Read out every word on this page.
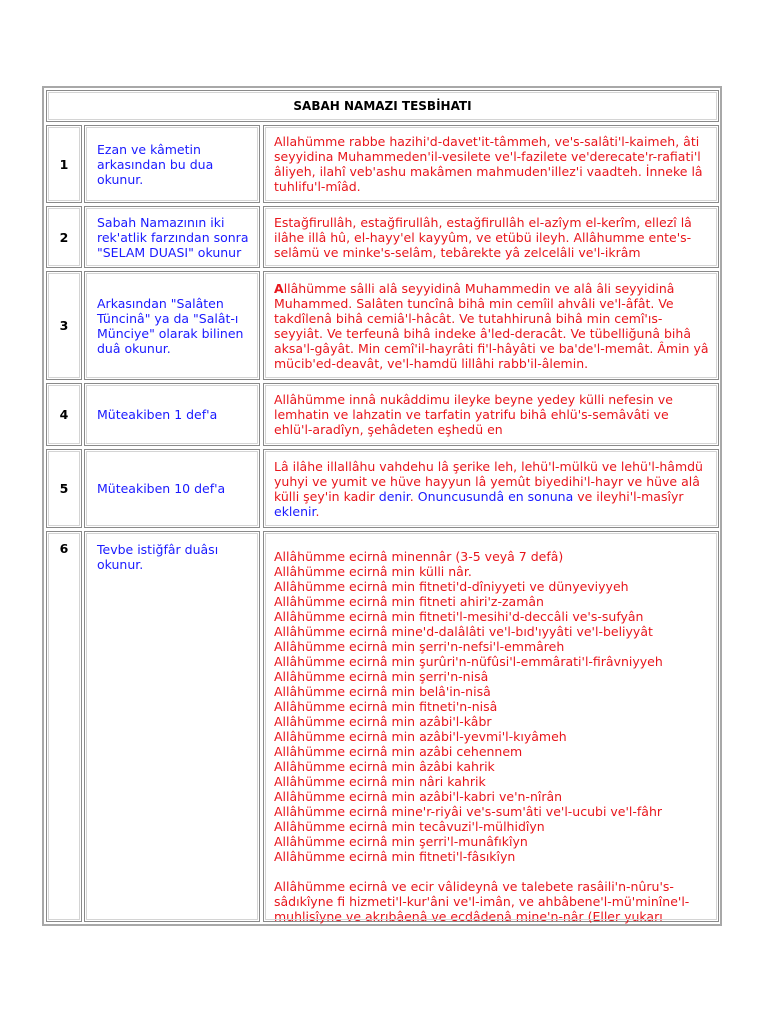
SABAH NAMAZI TESBİHATI
1
Ezan ve kâmetin arkasından bu dua okunur.
Allahümme rabbe hazihi'd-davet'it-tâmmeh, ve's-salâti'l-kaimeh, âti seyyidina Muhammeden'il-vesilete ve'l-fazilete ve'derecate'r-rafiati'l âliyeh, ilahî veb'ashu makâmen mahmuden'illez'i vaadteh. İnneke lâ tuhlifu'l-mîâd.
2
Sabah Namazının iki rek'atlik farzından sonra "SELAM DUASI" okunur
Estağfirullâh, estağfirullâh, estağfirullâh el-azîym el-kerîm, ellezî lâ ilâhe illâ hû, el-hayy'el kayyûm, ve etübü ileyh. Allâhumme ente's-selâmü ve minke's-selâm, tebârekte yâ zelcelâli ve'l-ikrâm
3
Arkasından "Salâten Tüncinâ" ya da "Salât-ı Münciye" olarak bilinen duâ okunur.
Allâhümme sâlli alâ seyyidinâ Muhammedin ve alâ âli seyyidinâ Muhammed. Salâten tuncînâ bihâ min cemîil ahvâli ve'l-âfât. Ve takdîlenâ bihâ cemiâ'l-hâcât. Ve tutahhirunâ bihâ min cemî'ıs-seyyiât. Ve terfeunâ bihâ indeke â'led-deracât. Ve tübelliğunâ bihâ aksa'l-gâyât. Min cemî'il-hayrâti fi'l-hâyâti ve ba'de'l-memât. Âmin yâ mücib'ed-deavât, ve'l-hamdü lillâhi rabb'il-âlemin.
4	Müteakiben 1 def'a
Allâhümme innâ nukâddimu ileyke beyne yedey külli nefesin ve lemhatin ve lahzatin ve tarfatin yatrifu bihâ ehlü's-semâvâti ve ehlü'l-aradîyn, şehâdeten eşhedü en
5	Müteakiben 10 def'a
Lâ ilâhe illallâhu vahdehu lâ şerike leh, lehü'l-mülkü ve lehü'l-hâmdü yuhyi ve yumit ve hüve hayyun lâ yemût biyedihi'l-hayr ve hüve alâ külli şey'in kadir denir. Onuncusundâ en sonuna ve ileyhi'l-masîyr eklenir.
6	Tevbe istiğfâr duâsı okunur.
Allâhümme ecirnâ minennâr (3-5 veyâ 7 defâ)
Allâhümme ecirnâ min külli nâr.
Allâhümme ecirnâ min fitneti'd-dîniyyeti ve dünyeviyyeh
Allâhümme ecirnâ min fitneti ahiri'z-zamân
Allâhümme ecirnâ min fitneti'l-mesihi'd-deccâli ve's-sufyân
Allâhümme ecirnâ mine'd-dalâlâti ve'l-bıd'ıyyâti ve'l-beliyyât
Allâhümme ecirnâ min şerri'n-nefsi'l-emmâreh
Allâhümme ecirnâ min şurûri'n-nüfûsi'l-emmârati'l-firâvniyyeh
Allâhümme ecirnâ min şerri'n-nisâ
Allâhümme ecirnâ min belâ'in-nisâ
Allâhümme ecirnâ min fitneti'n-nisâ
Allâhümme ecirnâ min azâbi'l-kâbr
Allâhümme ecirnâ min azâbi'l-yevmi'l-kıyâmeh
Allâhümme ecirnâ min azâbi cehennem
Allâhümme ecirnâ min âzâbi kahrik
Allâhümme ecirnâ min nâri kahrik
Allâhümme ecirnâ min azâbi'l-kabri ve'n-nîrân
Allâhümme ecirnâ mine'r-riyâi ve's-sum'âti ve'l-ucubi ve'l-fâhr
Allâhümme ecirnâ min tecâvuzi'l-mülhidîyn
Allâhümme ecirnâ min şerri'l-munâfıkîyn
Allâhümme ecirnâ min fitneti'l-fâsıkîyn
Allâhümme ecirnâ ve ecir vâlideynâ ve talebete rasâili'n-nûru's-sâdıkîyne fi hizmeti'l-kur'âni ve'l-imân, ve ahbâbene'l-mü'minîne'l-muhlisîyne ve akrıbâenâ ve ecdâdenâ mine'n-nâr (Eller yukarı
